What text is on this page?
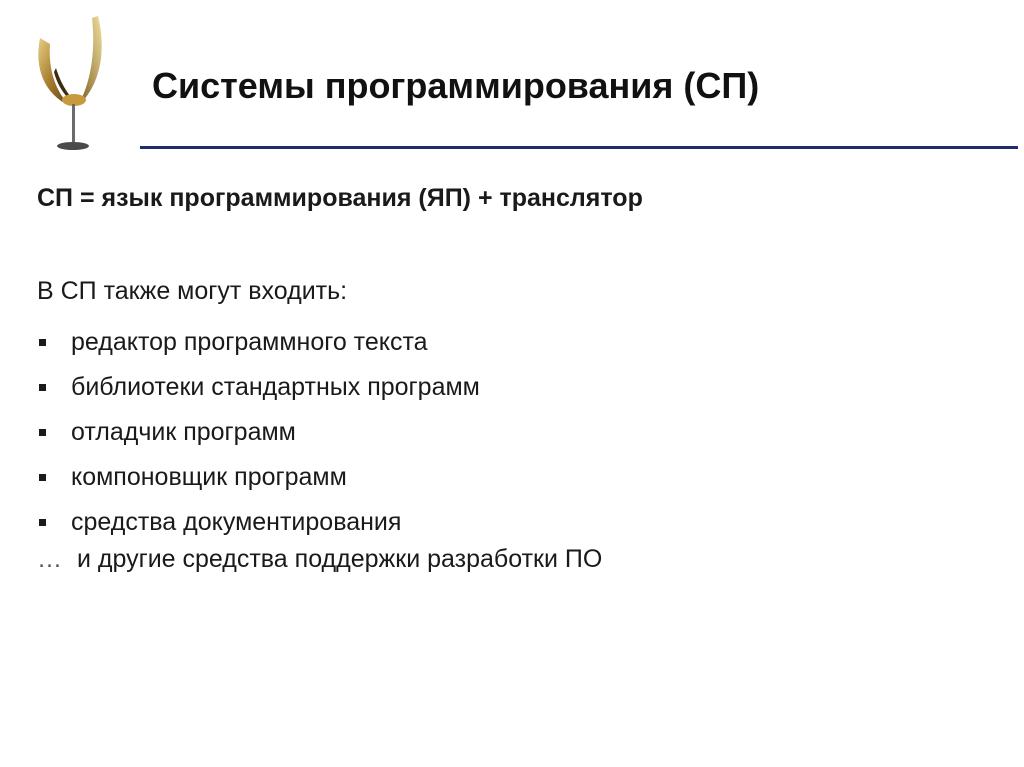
Системы программирования (СП)
СП = язык программирования (ЯП) + транслятор
В СП также могут входить:
редактор программного текста
библиотеки стандартных программ
отладчик программ
компоновщик программ
средства документирования
… и другие средства поддержки разработки ПО
